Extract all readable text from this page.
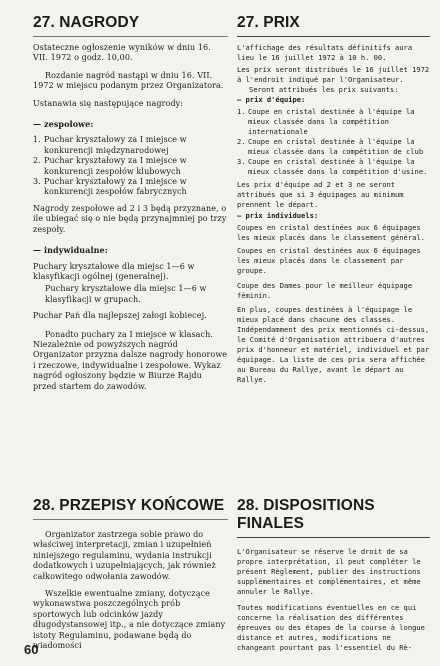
27. NAGRODY

Ostateczne ogłoszenie wyników w dniu 16. VII. 1972 o godz. 10,00.

Rozdanie nagród nastąpi w dniu 16. VII. 1972 w miejscu podanym przez Organizatora.

Ustanawia się następujące nagrody:

— zespołowe:

1. Puchar kryształowy za I miejsce w konkurencji międzynarodowej
2. Puchar kryształowy za I miejsce w konkurencji zespołów klubowych
3. Puchar kryształowy za I miejsce w konkurencji zespołów fabrycznych

Nagrody zespołowe ad 2 i 3 będą przyznane, o ile ubiegać się o nie będą przynajmniej po trzy zespoły.

— indywidualne:

Puchary kryształowe dla miejsc 1—6 w klasyfikacji ogólnej (generalnej).

Puchary kryształowe dla miejsc 1—6 w klasyfikacji w grupach.

Puchar Pań dla najlepszej załogi kobiecej.

Ponadto puchary za I miejsce w klasach. Niezależnie od powyższych nagród Organizator przyzna dalsze nagrody honorowe i rzeczowe, indywidualne i zespołowe. Wykaz nagród ogłoszony będzie w Biurze Rajdu przed startem do zawodów.

27. PRIX

L'affichage des résultats définitifs aura lieu le 16 juillet 1972 à 10 h. 00.

Les prix seront distribués le 16 juillet 1972 à l'endroit indiqué par l'Organisateur.

Seront attribués les prix suivants:

— prix d'équipe:

1. Coupe en cristal destinée à l'équipe la mieux classée dans la compétition internationale
2. Coupe en cristal destinée à l'équipe la mieux classée dans la compétition de club
3. Coupe en cristal destinée à l'équipe la mieux classée dans la compétition d'usine.

Les prix d'équipe ad 2 et 3 ne seront attribués que si 3 équipages au minimum prennent le départ.

— prix individuels:

Coupes en cristal destinées aux 6 équipages les mieux placés dans le classement général.

Coupes en cristal destinées aux 6 équipages les mieux placés dans le classement par groupe.

Coupe des Dames pour le meilleur équipage féminin.

En plus, coupes destinées à l'équipage le mieux placé dans chacune des classes. Indépendamment des prix mentionnés ci-dessus, le Comité d'Organisation attribuera d'autres prix d'honneur et matériel, individuel et par équipage. La liste de ces prix sera affichée au Bureau du Rallye, avant le départ au Rallye.

28. PRZEPISY KOŃCOWE

Organizator zastrzega sobie prawo do właściwej interpretacji, zmian i uzupełnień niniejszego regulaminu, wydania instrukcji dodatkowych i uzupełniających, jak również całkowitego odwołania zawodów.

Wszelkie ewentualne zmiany, dotyczące wykonawstwa poszczególnych prób sportowych lub odcinków jazdy długodystansowej itp., a nie dotyczące zmiany istoty Regulaminu, podawane będą do wiadomości

28. DISPOSITIONS FINALES

L'Organisateur se réserve le droit de sa propre interprétation, il peut compléter le présent Règlement, publier des instructions supplémentaires et complémentaires, et même annuler le Rallye.

Toutes modifications éventuelles en ce qui concerne la réalisation des différentes épreuves ou des étapes de la course à longue distance et autres, modifications ne changeant pourtant pas l'essentiel du Rè-

60
